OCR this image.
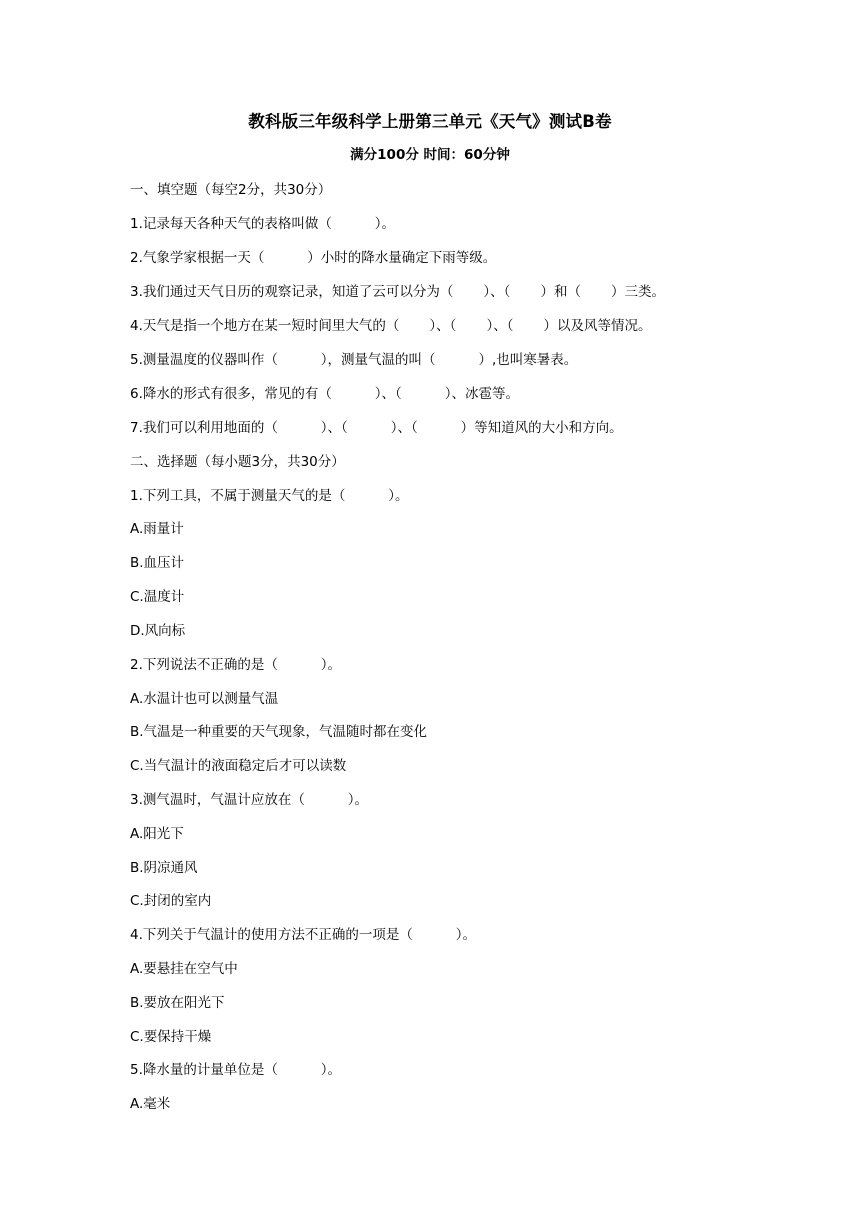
教科版三年级科学上册第三单元《天气》测试B卷
满分100分 时间：60分钟
一、填空题（每空2分，共30分）
1.记录每天各种天气的表格叫做（          ）。
2.气象学家根据一天（          ）小时的降水量确定下雨等级。
3.我们通过天气日历的观察记录，知道了云可以分为（       ）、（       ）和（       ）三类。
4.天气是指一个地方在某一短时间里大气的（       ）、（       ）、（       ）以及风等情况。
5.测量温度的仪器叫作（          ），测量气温的叫（          ）,也叫寒暑表。
6.降水的形式有很多，常见的有（          ）、（          ）、冰雹等。
7.我们可以利用地面的（          ）、（          ）、（          ）等知道风的大小和方向。
二、选择题（每小题3分，共30分）
1.下列工具，不属于测量天气的是（          ）。
A.雨量计
B.血压计
C.温度计
D.风向标
2.下列说法不正确的是（          ）。
A.水温计也可以测量气温
B.气温是一种重要的天气现象，气温随时都在变化
C.当气温计的液面稳定后才可以读数
3.测气温时，气温计应放在（          ）。
A.阳光下
B.阴凉通风
C.封闭的室内
4.下列关于气温计的使用方法不正确的一项是（          ）。
A.要悬挂在空气中
B.要放在阳光下
C.要保持干燥
5.降水量的计量单位是（          ）。
A.毫米
